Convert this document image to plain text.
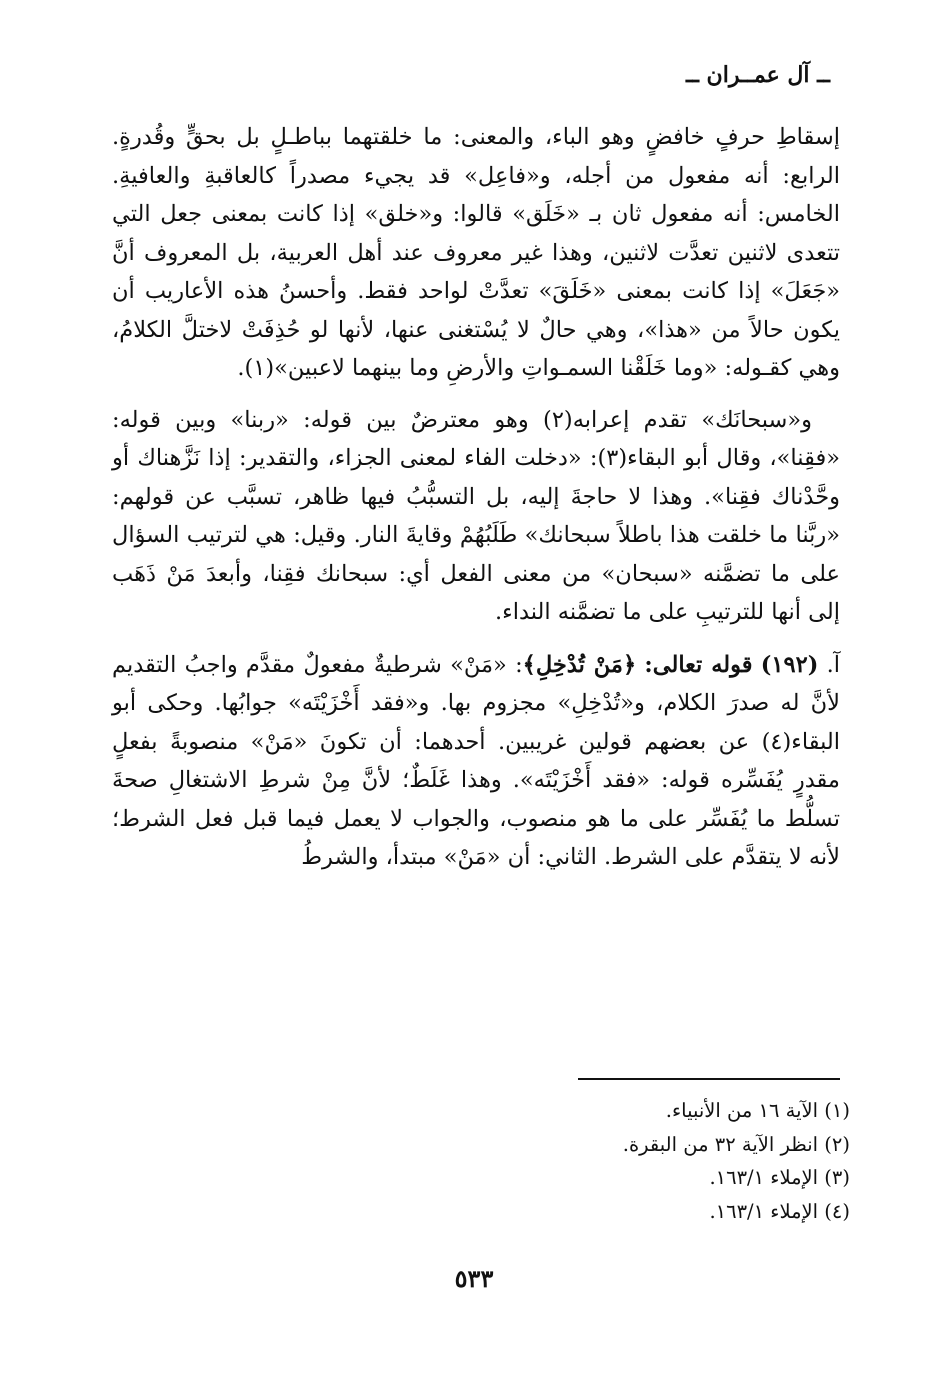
ــ آل عمــران ــ

إسقاطِ حرفٍ خافضٍ وهو الباء، والمعنى: ما خلقتهما بباطـلٍ بل بحقٍّ وقُدرةٍ. الرابع: أنه مفعول من أجله، و«فاعِل» قد يجيء مصدراً كالعاقبةِ والعافيةِ. الخامس: أنه مفعول ثان بـ «خَلَق» قالوا: و«خلق» إذا كانت بمعنى جعل التي تتعدى لاثنين تعدَّت لاثنين، وهذا غير معروف عند أهل العربية، بل المعروف أنَّ «جَعَلَ» إذا كانت بمعنى «خَلَقَ» تعدَّتْ لواحد فقط. وأحسنُ هذه الأعاريب أن يكون حالاً من «هذا»، وهي حالٌ لا يُسْتغنى عنها، لأنها لو حُذِفَتْ لاختلَّ الكلامُ، وهي كقـوله: «وما خَلَقْنا السمـواتِ والأرضِ وما بينهما لاعبين»(١).

و«سبحانَك» تقدم إعرابه(٢) وهو معترضٌ بين قوله: «ربنا» وبين قوله: «فقِنا»، وقال أبو البقاء(٣): «دخلت الفاء لمعنى الجزاء، والتقدير: إذا نَزَّهناك أو وحَّدْناك فقِنا». وهذا لا حاجةَ إليه، بل التسبُّبُ فيها ظاهر، تسبَّب عن قولهم: «ربَّنا ما خلقت هذا باطلاً سبحانك» طَلَبُهُمْ وقايةَ النار. وقيل: هي لترتيب السؤال على ما تضمَّنه «سبحان» من معنى الفعل أي: سبحانك فقِنا، وأبعدَ مَنْ ذَهَب إلى أنها للترتيبِ على ما تضمَّنه النداء.

آ. (١٩٢) قوله تعالى: ﴿مَنْ تُدْخِلِ﴾: «مَنْ» شرطيةٌ مفعولٌ مقدَّم واجبُ التقديم لأنَّ له صدرَ الكلام، و«تُدْخِلِ» مجزوم بها. و«فقد أَخْزَيْتَه» جوابُها. وحكى أبو البقاء(٤) عن بعضهم قولين غريبين. أحدهما: أن تكونَ «مَنْ» منصوبةً بفعلٍ مقدرٍ يُفَسِّره قوله: «فقد أَخْزَيْتَه». وهذا غَلَطٌ؛ لأنَّ مِنْ شرطِ الاشتغالِ صحةَ تسلُّط ما يُفَسِّر على ما هو منصوب، والجواب لا يعمل فيما قبل فعل الشرط؛ لأنه لا يتقدَّم على الشرط. الثاني: أن «مَنْ» مبتدأ، والشرطُ

(١) الآية ١٦ من الأنبياء.
(٢) انظر الآية ٣٢ من البقرة.
(٣) الإملاء ١٦٣/١.
(٤) الإملاء ١٦٣/١.
٥٣٣
